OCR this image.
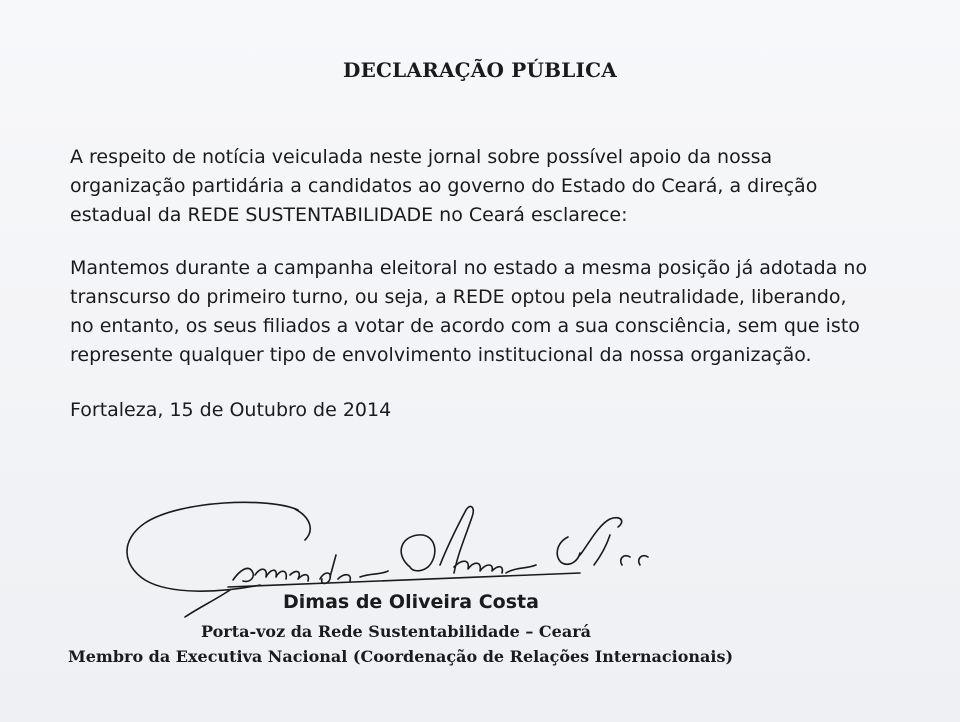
DECLARAÇÃO PÚBLICA
A respeito de notícia veiculada neste jornal sobre possível apoio da nossa
organização partidária a candidatos ao governo do Estado do Ceará, a direção
estadual da REDE SUSTENTABILIDADE no Ceará esclarece:
Mantemos durante a campanha eleitoral no estado a mesma posição já adotada no
transcurso do primeiro turno, ou seja, a REDE optou pela neutralidade, liberando,
no entanto, os seus filiados a votar de acordo com a sua consciência, sem que isto
represente qualquer tipo de envolvimento institucional da nossa organização.
Fortaleza, 15 de Outubro de 2014
Dimas de Oliveira Costa
Porta-voz da Rede Sustentabilidade – Ceará
Membro da Executiva Nacional (Coordenação de Relações Internacionais)
